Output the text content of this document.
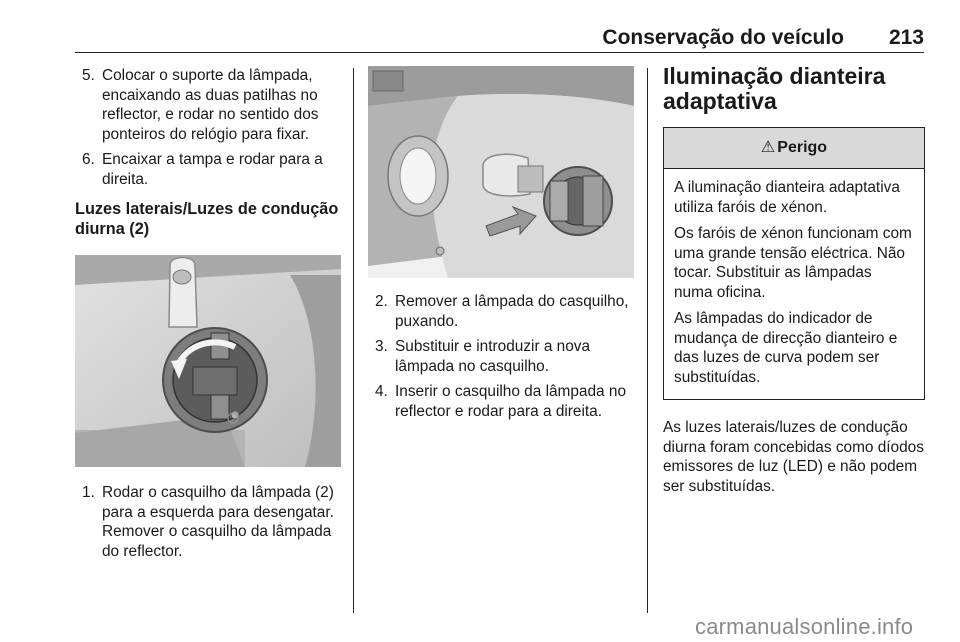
Conservação do veículo 213
5. Colocar o suporte da lâmpada, encaixando as duas patilhas no reflector, e rodar no sentido dos ponteiros do relógio para fixar.
6. Encaixar a tampa e rodar para a direita.
Luzes laterais/Luzes de condução diurna (2)
1. Rodar o casquilho da lâmpada (2) para a esquerda para desengatar. Remover o casquilho da lâmpada do reflector.
2. Remover a lâmpada do casquilho, puxando.
3. Substituir e introduzir a nova lâmpada no casquilho.
4. Inserir o casquilho da lâmpada no reflector e rodar para a direita.
Iluminação dianteira adaptativa
⚠ Perigo

A iluminação dianteira adaptativa utiliza faróis de xénon.

Os faróis de xénon funcionam com uma grande tensão eléctrica. Não tocar. Substituir as lâmpadas numa oficina.

As lâmpadas do indicador de mudança de direcção dianteiro e das luzes de curva podem ser substituídas.

As luzes laterais/luzes de condução diurna foram concebidas como díodos emissores de luz (LED) e não podem ser substituídas.

carmanualsonline.info
